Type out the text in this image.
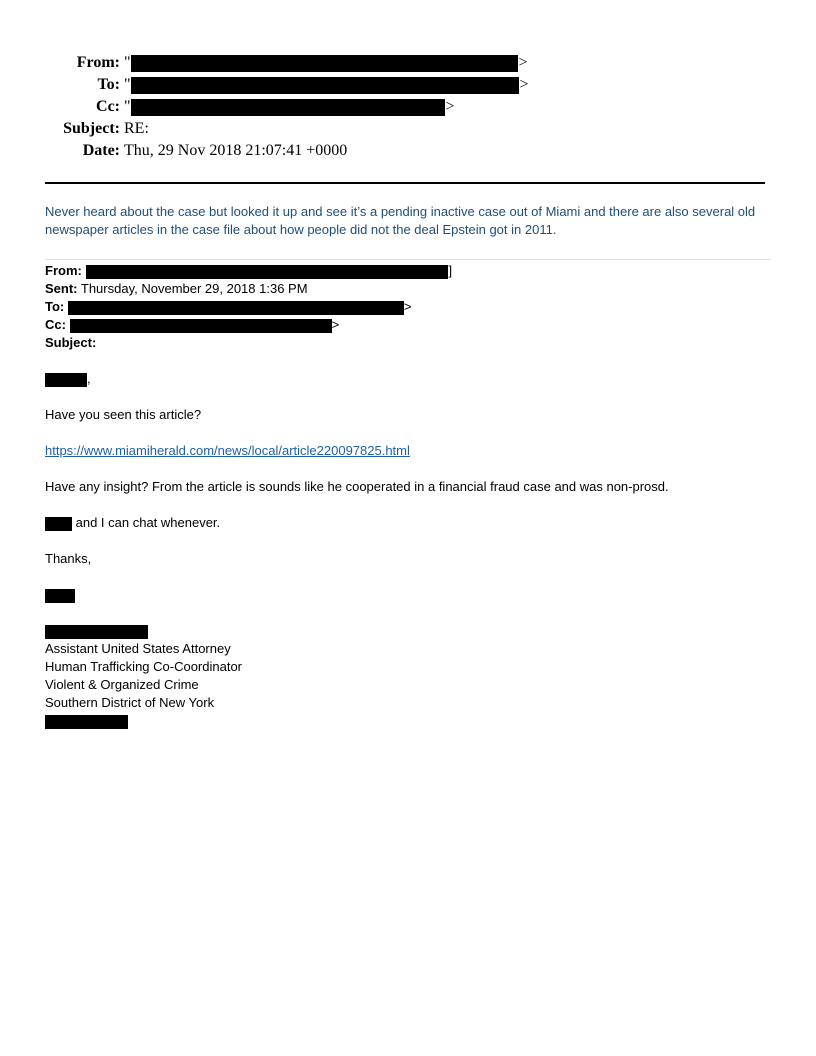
From: "	>
To: "	>
Cc: "	>
Subject: RE:
Date: Thu, 29 Nov 2018 21:07:41 +0000
Never heard about the case but looked it up and see it’s a pending inactive case out of Miami and there are also several old newspaper articles in the case file about how people did not the deal Epstein got in 2011.
From:	]
Sent: Thursday, November 29, 2018 1:36 PM
To:	>
Cc:	>
Subject:
,
Have you seen this article?
https://www.miamiherald.com/news/local/article220097825.html
Have any insight? From the article is sounds like he cooperated in a financial fraud case and was non-prosd.
and I can chat whenever.
Thanks,
Assistant United States Attorney
Human Trafficking Co-Coordinator
Violent & Organized Crime
Southern District of New York
